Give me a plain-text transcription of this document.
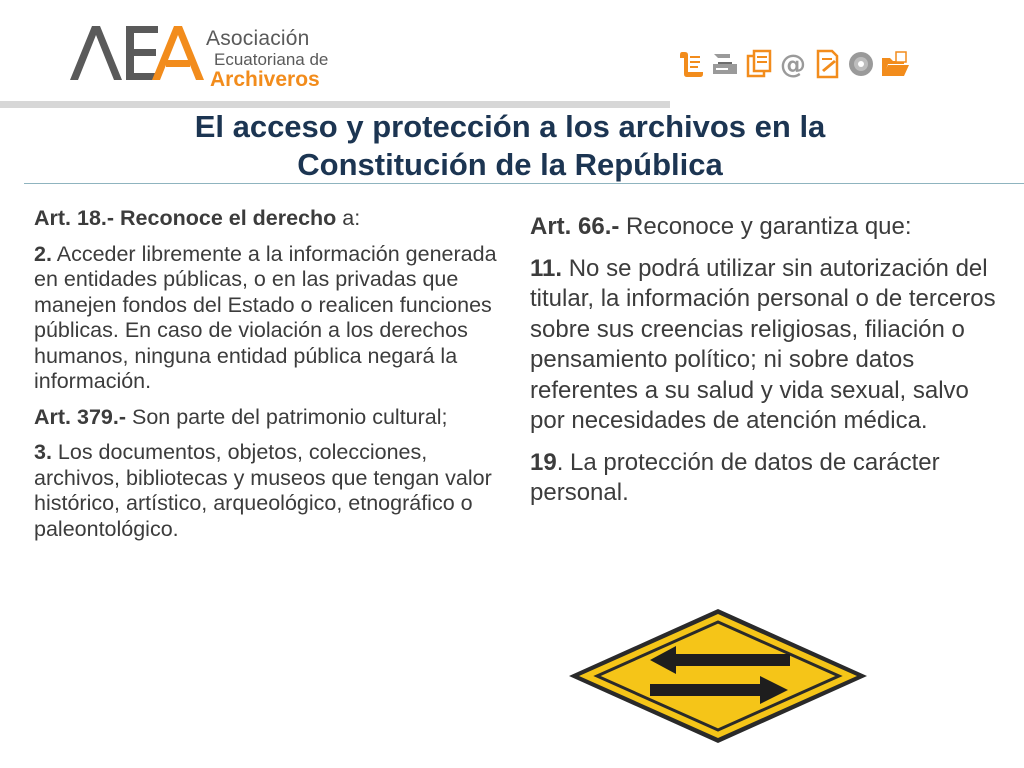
Asociación
Ecuatoriana de
Archiveros	@
El acceso y protección a los archivos en la
Constitución de la República

Art. 18.- Reconoce el derecho a:

2. Acceder libremente a la información generada en entidades públicas, o en las privadas que manejen fondos del Estado o realicen funciones públicas. En caso de violación a los derechos humanos, ninguna entidad pública negará la información.

Art. 379.- Son parte del patrimonio cultural;

3. Los documentos, objetos, colecciones, archivos, bibliotecas y museos que tengan valor histórico, artístico, arqueológico, etnográfico o paleontológico.

Art. 66.- Reconoce y garantiza que:

11. No se podrá utilizar sin autorización del titular, la información personal o de terceros sobre sus creencias religiosas, filiación o pensamiento político; ni sobre datos referentes a su salud y vida sexual, salvo por necesidades de atención médica.

19. La protección de datos de carácter personal.
